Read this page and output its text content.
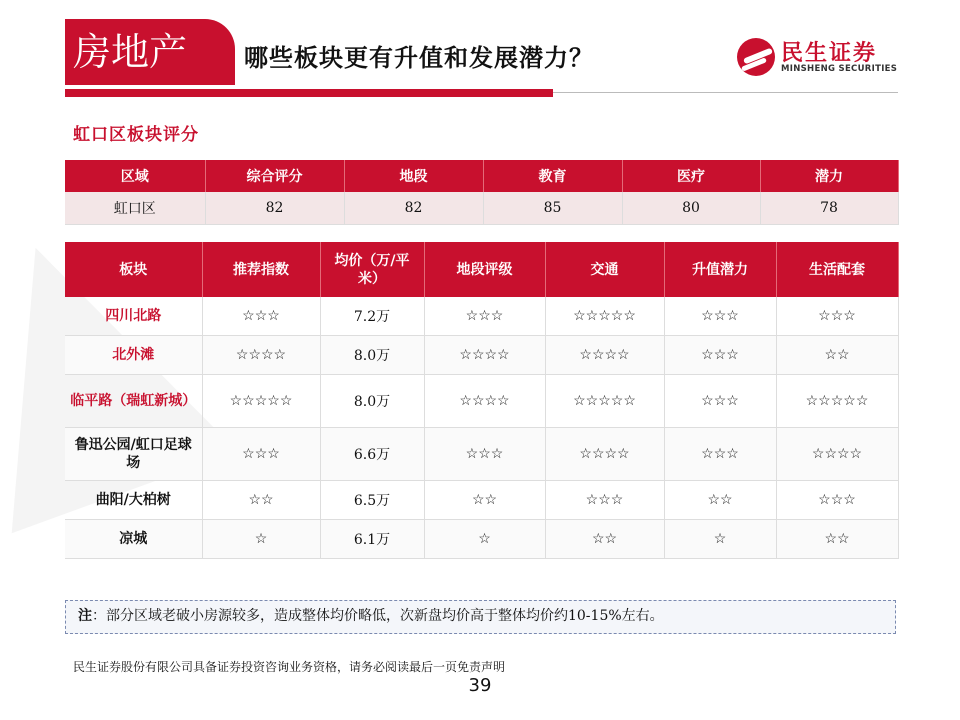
房地产	哪些板块更有升值和发展潜力？	民生证券
MINSHENG SECURITIES
虹口区板块评分
区域	综合评分	地段	教育	医疗	潜力
虹口区	82	82	85	80	78
板块	推荐指数	均价（万/平米）	地段评级	交通	升值潜力	生活配套
四川北路	☆☆☆	7.2万	☆☆☆	☆☆☆☆☆	☆☆☆	☆☆☆
北外滩	☆☆☆☆	8.0万	☆☆☆☆	☆☆☆☆	☆☆☆	☆☆
临平路（瑞虹新城）	☆☆☆☆☆	8.0万	☆☆☆☆	☆☆☆☆☆	☆☆☆	☆☆☆☆☆
鲁迅公园/虹口足球场	☆☆☆	6.6万	☆☆☆	☆☆☆☆	☆☆☆	☆☆☆☆
曲阳/大柏树	☆☆	6.5万	☆☆	☆☆☆	☆☆	☆☆☆
凉城	☆	6.1万	☆	☆☆	☆	☆☆
注：部分区域老破小房源较多，造成整体均价略低，次新盘均价高于整体均价约10-15%左右。
民生证券股份有限公司具备证券投资咨询业务资格，请务必阅读最后一页免责声明
39
